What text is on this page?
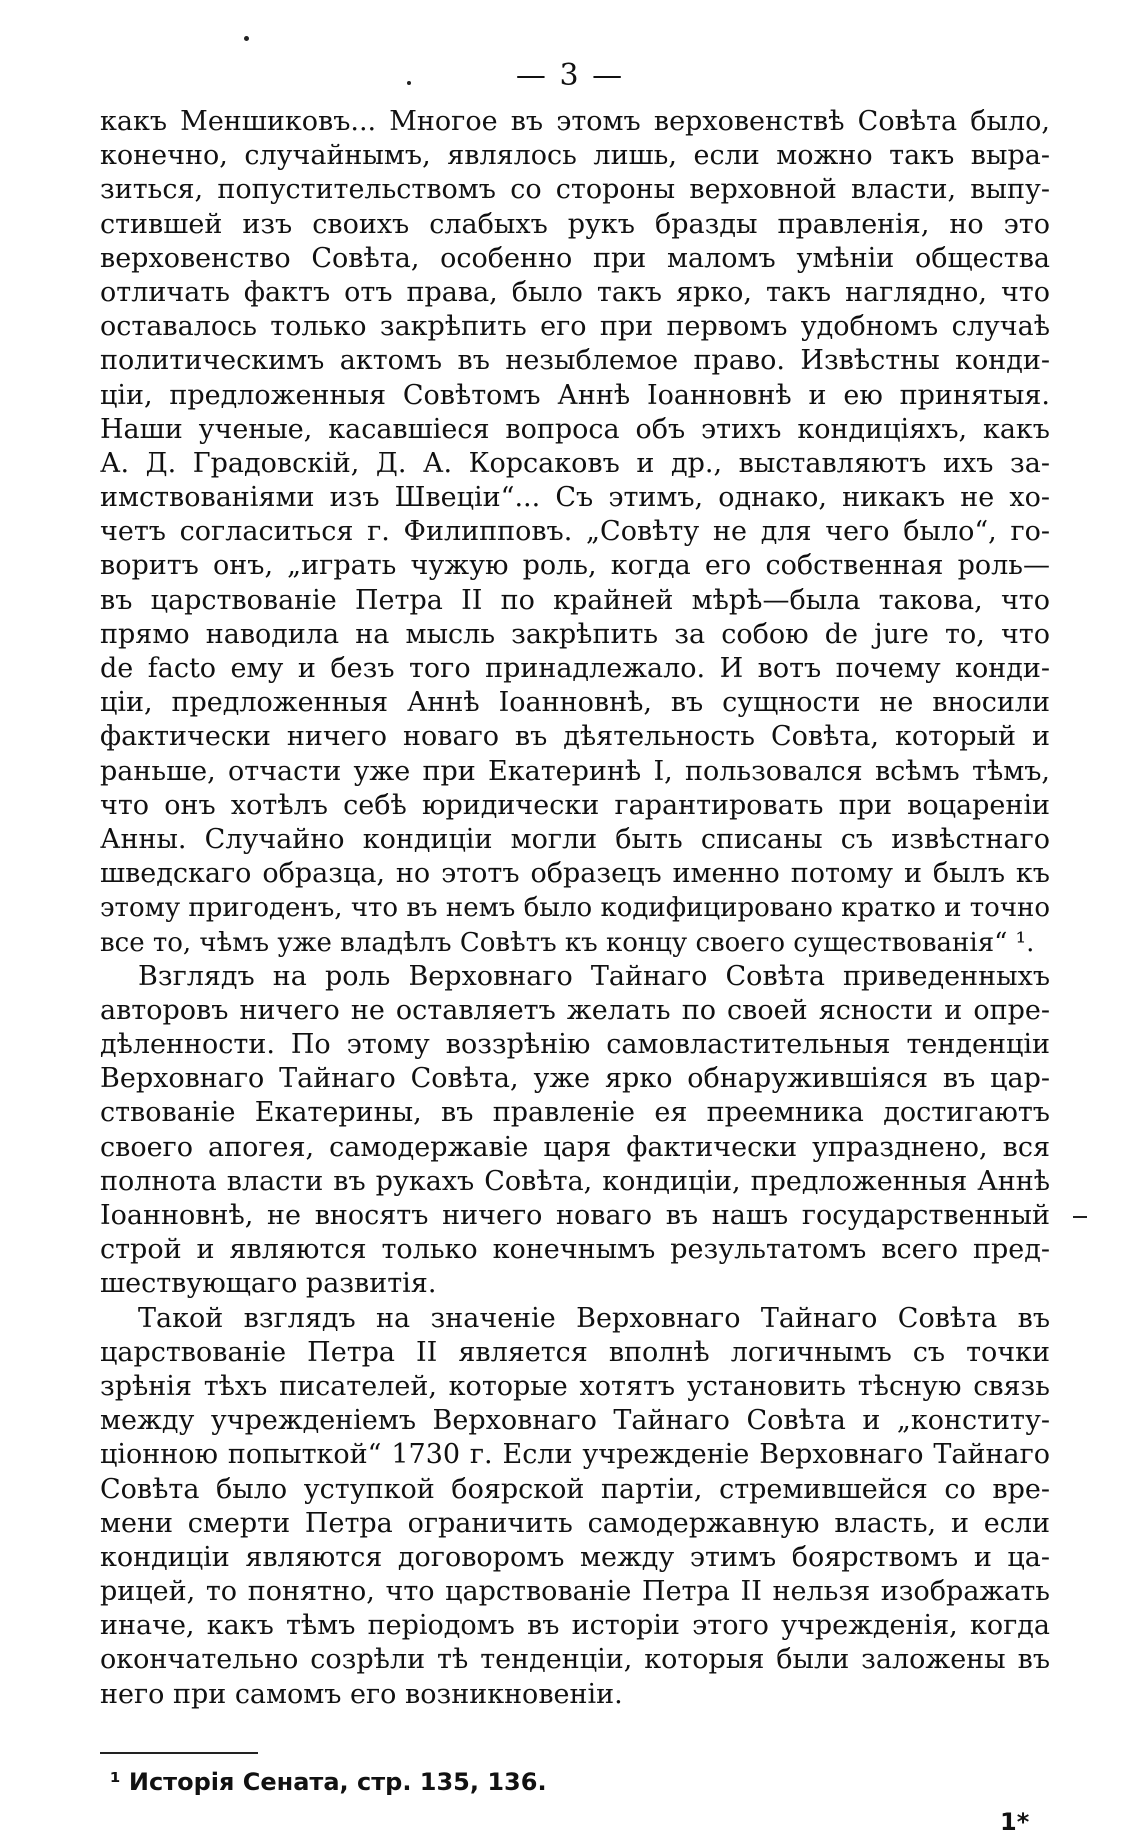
— 3 —
какъ Меншиковъ... Многое въ этомъ верховенствѣ Совѣта было,
конечно, случайнымъ, являлось лишь, если можно такъ выра-
зиться, попустительствомъ со стороны верховной власти, выпу-
стившей изъ своихъ слабыхъ рукъ бразды правленія, но это
верховенство Совѣта, особенно при маломъ умѣніи общества
отличать фактъ отъ права, было такъ ярко, такъ наглядно, что
оставалось только закрѣпить его при первомъ удобномъ случаѣ
политическимъ актомъ въ незыблемое право. Извѣстны конди-
ціи, предложенныя Совѣтомъ Аннѣ Іоанновнѣ и ею принятыя.
Наши ученые, касавшіеся вопроса объ этихъ кондиціяхъ, какъ
А. Д. Градовскій, Д. А. Корсаковъ и др., выставляютъ ихъ за-
имствованіями изъ Швеціи“... Съ этимъ, однако, никакъ не хо-
четъ согласиться г. Филипповъ. „Совѣту не для чего было“, го-
воритъ онъ, „играть чужую роль, когда его собственная роль—
въ царствованіе Петра II по крайней мѣрѣ—была такова, что
прямо наводила на мысль закрѣпить за собою de jure то, что
de facto ему и безъ того принадлежало. И вотъ почему конди-
ціи, предложенныя Аннѣ Іоанновнѣ, въ сущности не вносили
фактически ничего новаго въ дѣятельность Совѣта, который и
раньше, отчасти уже при Екатеринѣ I, пользовался всѣмъ тѣмъ,
что онъ хотѣлъ себѣ юридически гарантировать при воцареніи
Анны. Случайно кондиціи могли быть списаны съ извѣстнаго
шведскаго образца, но этотъ образецъ именно потому и былъ къ
этому пригоденъ, что въ немъ было кодифицировано кратко и точно
все то, чѣмъ уже владѣлъ Совѣтъ къ концу своего существованія“ ¹.
Взглядъ на роль Верховнаго Тайнаго Совѣта приведенныхъ
авторовъ ничего не оставляетъ желать по своей ясности и опре-
дѣленности. По этому воззрѣнію самовластительныя тенденціи
Верховнаго Тайнаго Совѣта, уже ярко обнаружившіяся въ цар-
ствованіе Екатерины, въ правленіе ея преемника достигаютъ
своего апогея, самодержавіе царя фактически упразднено, вся
полнота власти въ рукахъ Совѣта, кондиціи, предложенныя Аннѣ
Іоанновнѣ, не вносятъ ничего новаго въ нашъ государственный
строй и являются только конечнымъ результатомъ всего пред-
шествующаго развитія.
Такой взглядъ на значеніе Верховнаго Тайнаго Совѣта въ
царствованіе Петра II является вполнѣ логичнымъ съ точки
зрѣнія тѣхъ писателей, которые хотятъ установить тѣсную связь
между учрежденіемъ Верховнаго Тайнаго Совѣта и „конститу-
ціонною попыткой“ 1730 г. Если учрежденіе Верховнаго Тайнаго
Совѣта было уступкой боярской партіи, стремившейся со вре-
мени смерти Петра ограничить самодержавную власть, и если
кондиціи являются договоромъ между этимъ боярствомъ и ца-
рицей, то понятно, что царствованіе Петра II нельзя изображать
иначе, какъ тѣмъ періодомъ въ исторіи этого учрежденія, когда
окончательно созрѣли тѣ тенденціи, которыя были заложены въ
него при самомъ его возникновеніи.
¹ Исторія Сената, стр. 135, 136.
1*
